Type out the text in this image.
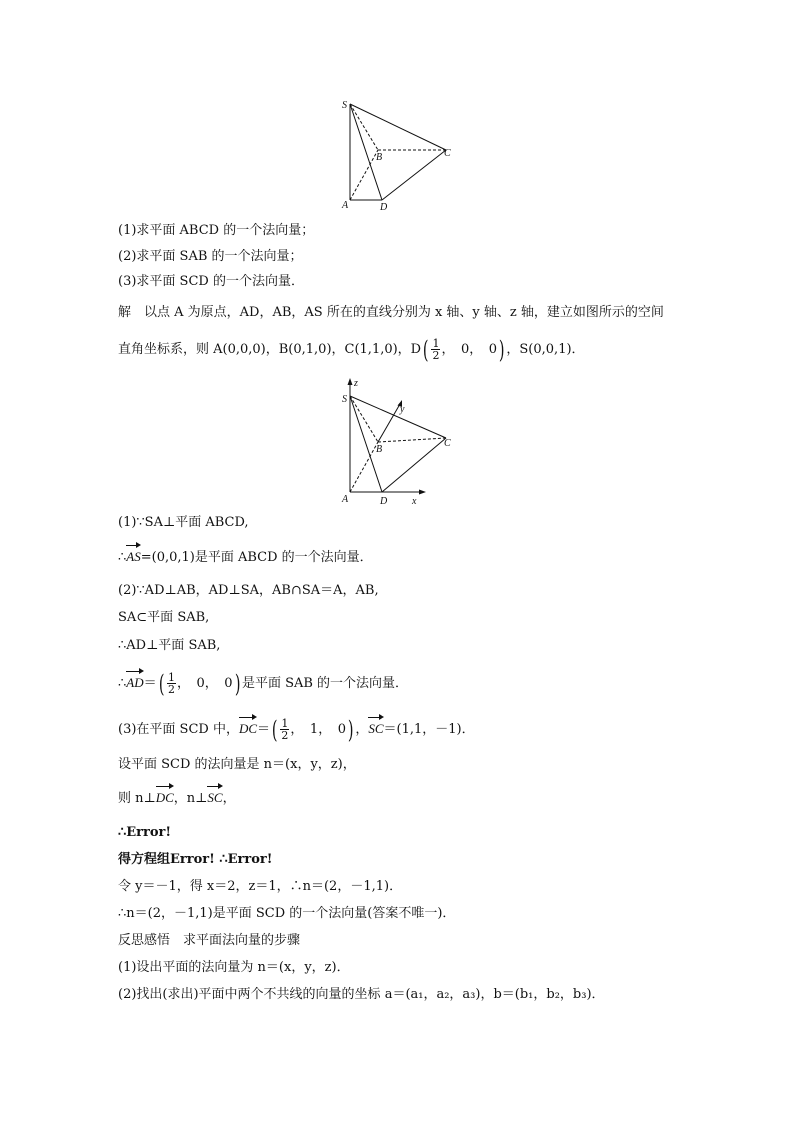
S
A
B	C
D
(1)求平面 ABCD 的一个法向量；
(2)求平面 SAB 的一个法向量；
(3)求平面 SCD 的一个法向量．
解　以点 A 为原点，AD，AB，AS 所在的直线分别为 x 轴、y 轴、z 轴，建立如图所示的空间
直角坐标系，则 A(0,0,0)，B(0,1,0)，C(1,1,0)，$D( \frac{1}{2}$ ，　0，　0) ，S(0,0,1)．
z
y
x
S
A
B
C
D
(1)∵SA⊥平面 ABCD,
∴AS=(0,0,1)是平面 ABCD 的一个法向量．
(2)∵AD⊥AB，AD⊥SA，AB∩SA＝A，AB,
SA⊂平面 SAB,
∴AD⊥平面 SAB,
∴AD＝( $\frac{1}{2}$ ，　0，　0) 是平面 SAB 的一个法向量．
(3)在平面 SCD 中，$DC=( \frac{1}{2}$ ，　1，　0) ，SC＝(1,1，－1)．
设平面 SCD 的法向量是 n＝(x，y，z)，
则 n⊥DC，n⊥SC，
∴Error!
得方程组Error! ∴Error!
令 y＝－1，得 x＝2，z＝1，∴n＝(2，－1,1)．
∴n＝(2，－1,1)是平面 SCD 的一个法向量(答案不唯一)．
反思感悟　求平面法向量的步骤
(1)设出平面的法向量为 n＝(x，y，z)．
(2)找出(求出)平面中两个不共线的向量的坐标 a＝(a₁，a₂，a₃)，b＝(b₁，b₂，b₃)．
